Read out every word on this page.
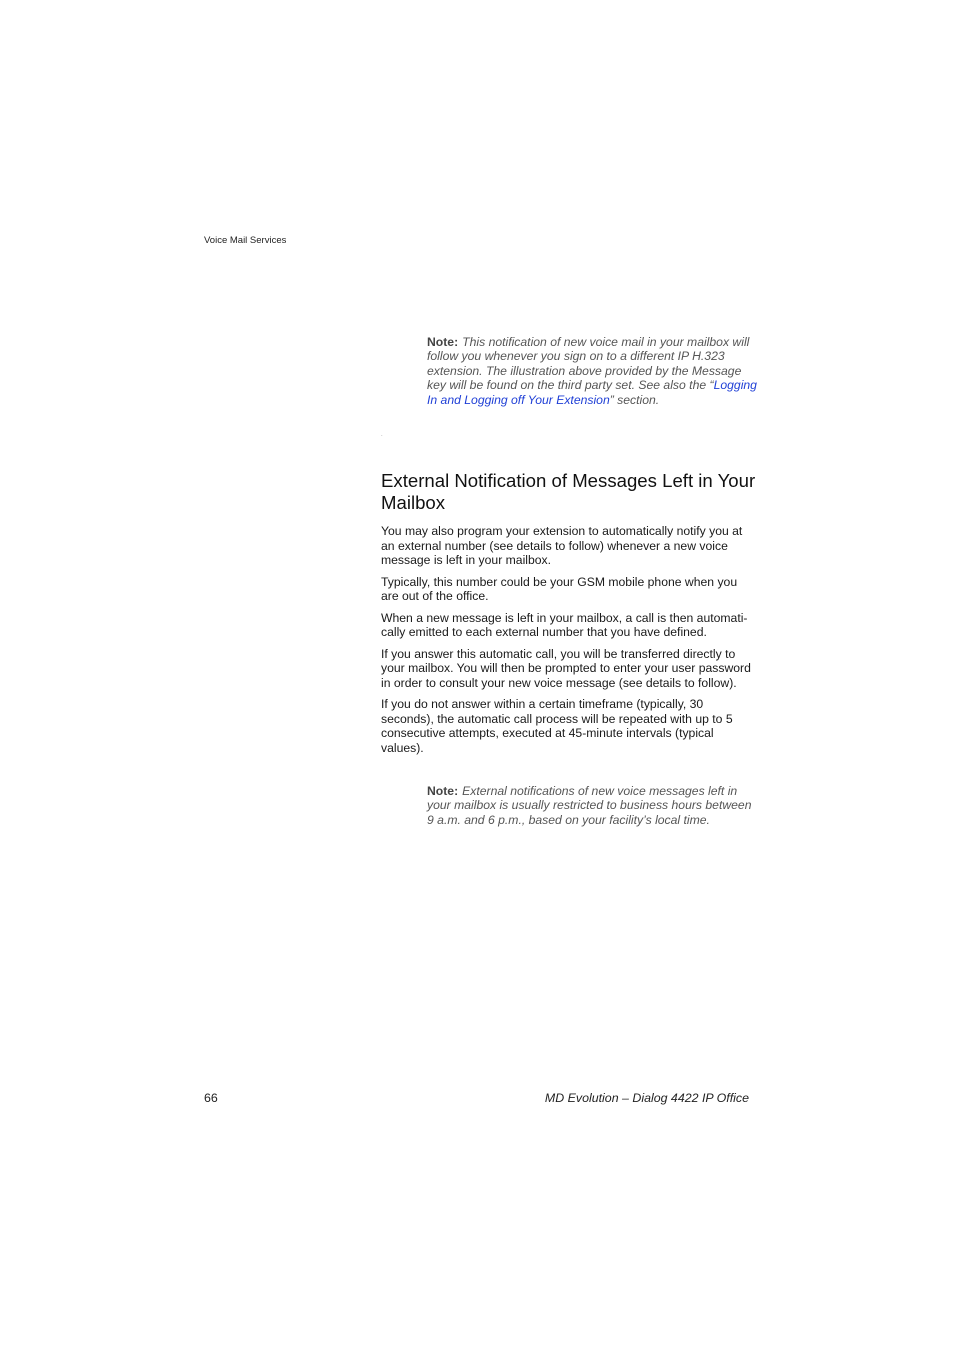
Voice Mail Services
Note: This notification of new voice mail in your mailbox will follow you whenever you sign on to a different IP H.323 extension. The illustration above provided by the Message key will be found on the third party set. See also the “Logging In and Logging off Your Extension” section.
.
External Notification of Messages Left in Your Mailbox

You may also program your extension to automatically notify you at an external number (see details to follow) whenever a new voice message is left in your mailbox.

Typically, this number could be your GSM mobile phone when you are out of the office.

When a new message is left in your mailbox, a call is then automati-cally emitted to each external number that you have defined.

If you answer this automatic call, you will be transferred directly to your mailbox. You will then be prompted to enter your user password in order to consult your new voice message (see details to follow).

If you do not answer within a certain timeframe (typically, 30 seconds), the automatic call process will be repeated with up to 5 consecutive attempts, executed at 45-minute intervals (typical values).

Note: External notifications of new voice messages left in your mailbox is usually restricted to business hours between 9 a.m. and 6 p.m., based on your facility’s local time.
66	MD Evolution – Dialog 4422 IP Office
